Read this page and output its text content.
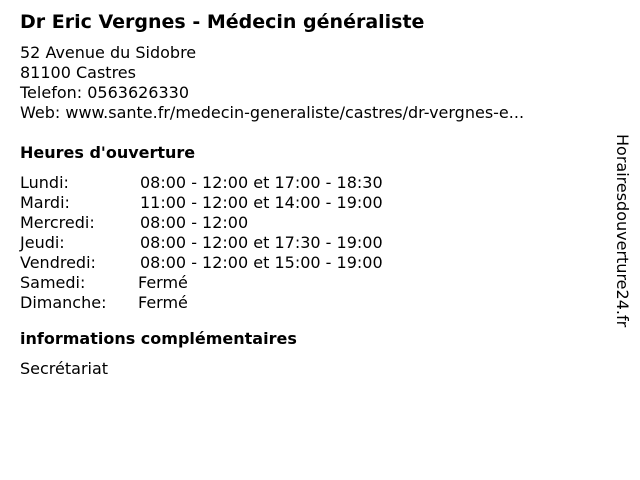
Dr Eric Vergnes - Médecin généraliste
52 Avenue du Sidobre
81100 Castres
Telefon: 0563626330
Web: www.sante.fr/medecin-generaliste/castres/dr-vergnes-e...
Heures d'ouverture
Lundi:	08:00 - 12:00 et 17:00 - 18:30
Mardi:	11:00 - 12:00 et 14:00 - 19:00
Mercredi:	08:00 - 12:00
Jeudi:	08:00 - 12:00 et 17:30 - 19:00
Vendredi:	08:00 - 12:00 et 15:00 - 19:00
Samedi:	Fermé
Dimanche: Fermé
informations complémentaires
Secrétariat
Horairesdouverture24.fr
